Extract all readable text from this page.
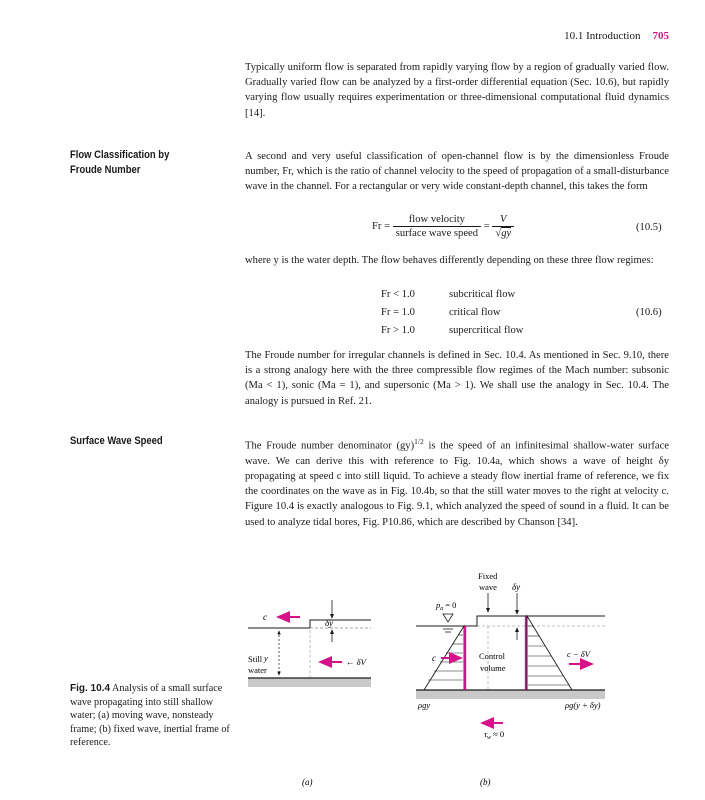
10.1 Introduction 705

Typically uniform flow is separated from rapidly varying flow by a region of gradually varied flow. Gradually varied flow can be analyzed by a first-order differential equation (Sec. 10.6), but rapidly varying flow usually requires experimentation or three-dimensional computational fluid dynamics [14].

Flow Classification by
Froude Number

A second and very useful classification of open-channel flow is by the dimensionless Froude number, Fr, which is the ratio of channel velocity to the speed of propagation of a small-disturbance wave in the channel. For a rectangular or very wide constant-depth channel, this takes the form

$Fr = \frac{\text{flow velocity}}{\text{surface wave speed}} = \frac{V}{√gy}$	(10.5)

where y is the water depth. The flow behaves differently depending on these three flow regimes:

Fr < 1.0	subcritical flow
Fr = 1.0	critical flow
Fr > 1.0	supercritical flow
(10.6)

The Froude number for irregular channels is defined in Sec. 10.4. As mentioned in Sec. 9.10, there is a strong analogy here with the three compressible flow regimes of the Mach number: subsonic (Ma < 1), sonic (Ma = 1), and supersonic (Ma > 1). We shall use the analogy in Sec. 10.4. The analogy is pursued in Ref. 21.

Surface Wave Speed	The Froude number denominator (gy)$^{1/2}$ is the speed of an infinitesimal shallow-water surface wave. We can derive this with reference to Fig. 10.4a, which shows a wave of height δy propagating at speed c into still liquid. To achieve a steady flow inertial frame of reference, we fix the coordinates on the wave as in Fig. 10.4b, so that the still water moves to the right at velocity c. Figure 10.4 is exactly analogous to Fig. 9.1, which analyzed the speed of sound in a fluid. It can be used to analyze tidal bores, Fig. P10.86, which are described by Chanson [34].

Fig. 10.4 Analysis of a small surface wave propagating into still shallow water; (a) moving wave, nonsteady frame; (b) fixed wave, inertial frame of reference.
c
δy
y
Still
water
← δV
(a)
Fixed
wave δy
$p_a = 0$
c	Control
volume
c − δV
ρgy	ρg(y + δy)
$\tau_w \approx 0$
(b)
